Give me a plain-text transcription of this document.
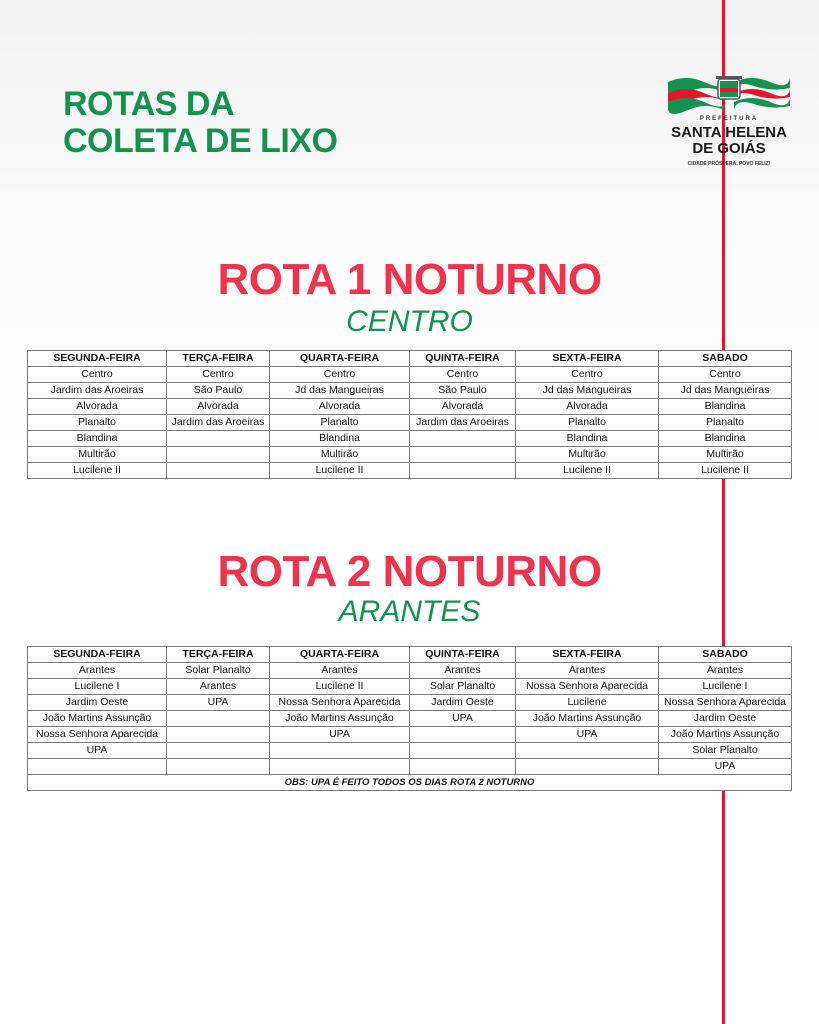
ROTAS DA
COLETA DE LIXO
PREFEITURA
SANTA HELENA
DE GOIÁS
CIDADE PRÓSPERA, POVO FELIZ!
ROTA 1 NOTURNO
CENTRO
SEGUNDA-FEIRA	TERÇA-FEIRA	QUARTA-FEIRA	QUINTA-FEIRA	SEXTA-FEIRA	SABADO
Centro	Centro	Centro	Centro	Centro	Centro
Jardim das Aroeiras	São Paulo	Jd das Mangueiras	São Paulo	Jd das Mangueiras	Jd das Mangueiras
Alvorada	Alvorada	Alvorada	Alvorada	Alvorada	Blandina
Planalto	Jardim das Aroeiras	Planalto	Jardim das Aroeiras	Planalto	Planalto
Blandina		Blandina		Blandina	Blandina
Multirão		Multirão		Multirão	Multirão
Lucilene II		Lucilene II		Lucilene II	Lucilene II
ROTA 2 NOTURNO
ARANTES
SEGUNDA-FEIRA	TERÇA-FEIRA	QUARTA-FEIRA	QUINTA-FEIRA	SEXTA-FEIRA	SABADO
Arantes	Solar Planalto	Arantes	Arantes	Arantes	Arantes
Lucilene I	Arantes	Lucilene II	Solar Planalto	Nossa Senhora Aparecida	Lucilene I
Jardim Oeste	UPA	Nossa Senhora Aparecida	Jardim Oeste	Lucilene	Nossa Senhora Aparecida
João Martins Assunção		João Martins Assunção	UPA	João Martins Assunção	Jardim Oeste
Nossa Senhora Aparecida		UPA		UPA	João Martins Assunção
UPA					Solar Planalto
					UPA
OBS: UPA É FEITO TODOS OS DIAS ROTA 2 NOTURNO					
